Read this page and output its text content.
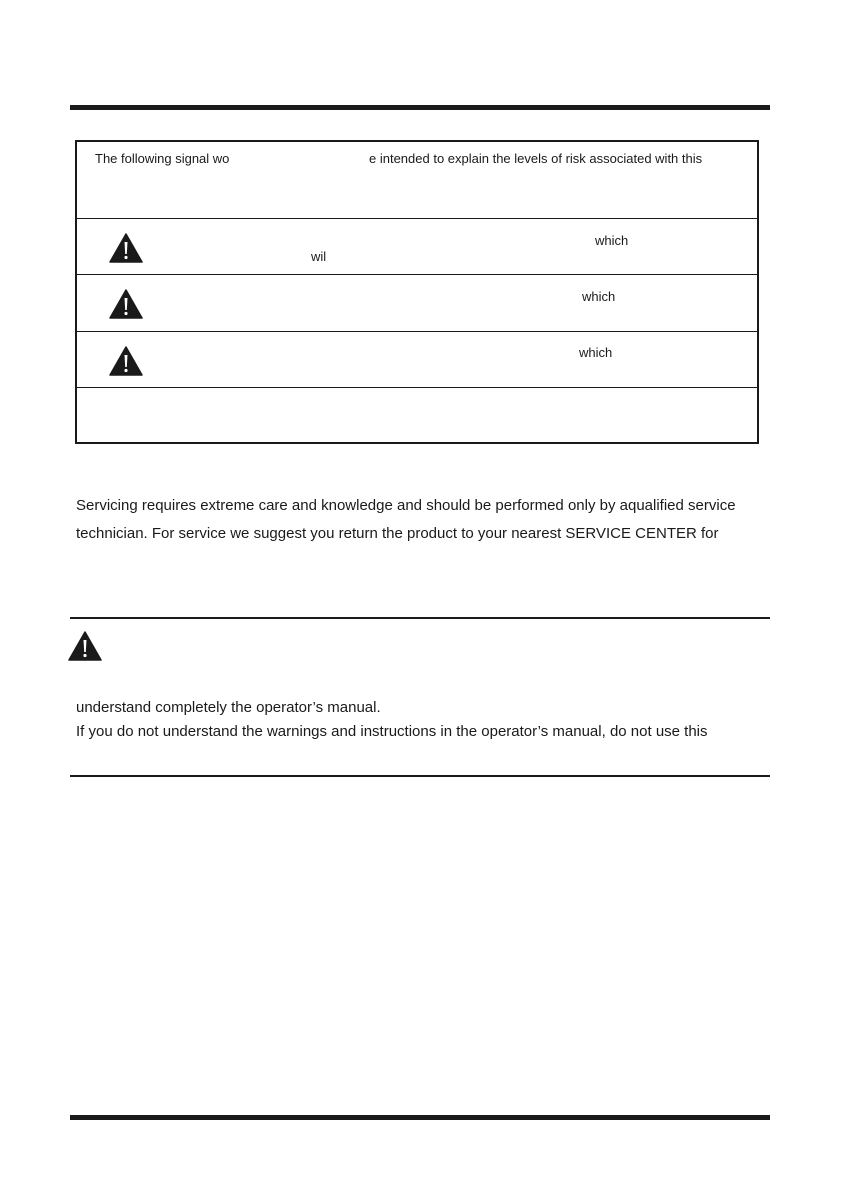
The following signal wo	e intended to explain the levels of risk associated with this
which
wil
which
which
Servicing requires extreme care and knowledge and should be performed only by aqualified service
technician. For service we suggest you return the product to your nearest SERVICE CENTER for
understand completely the operator’s manual.
If you do not understand the warnings and instructions in the operator’s manual, do not use this
